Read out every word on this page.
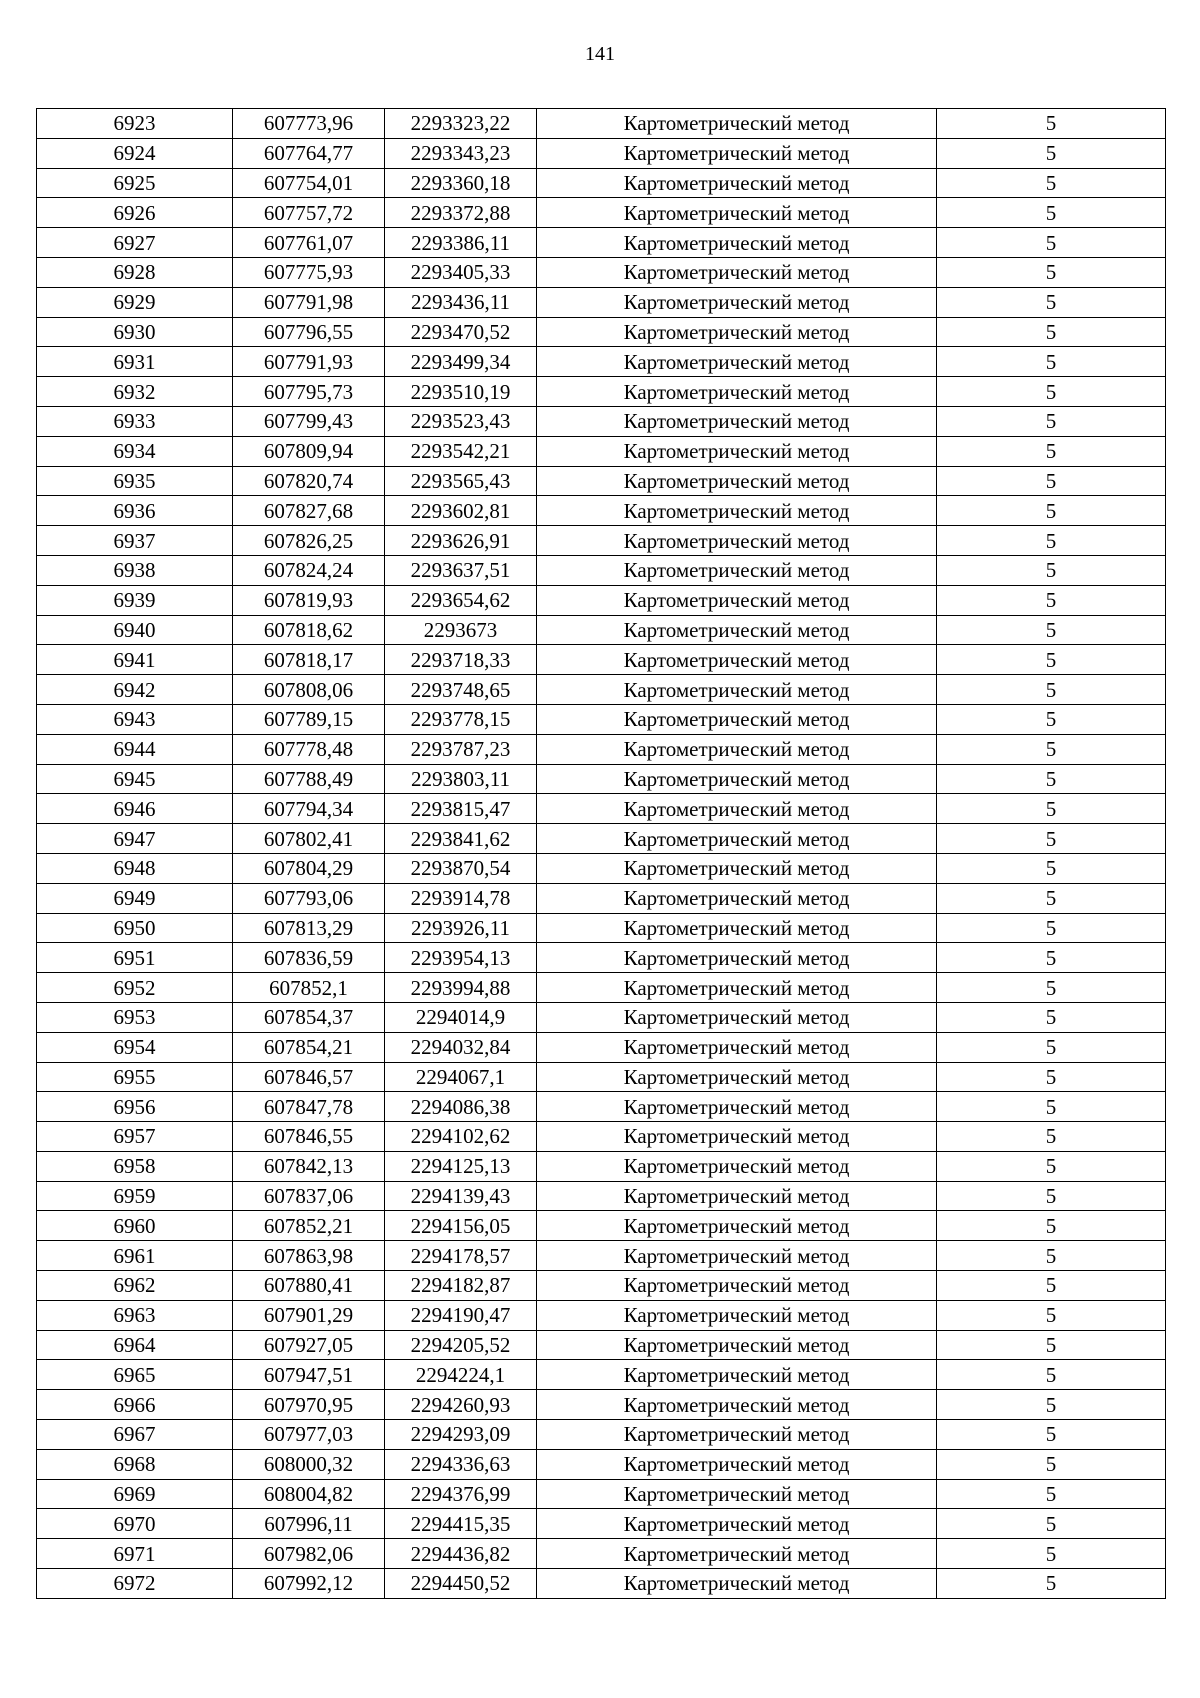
141
6923	607773,96	2293323,22	Картометрический метод	5
6924	607764,77	2293343,23	Картометрический метод	5
6925	607754,01	2293360,18	Картометрический метод	5
6926	607757,72	2293372,88	Картометрический метод	5
6927	607761,07	2293386,11	Картометрический метод	5
6928	607775,93	2293405,33	Картометрический метод	5
6929	607791,98	2293436,11	Картометрический метод	5
6930	607796,55	2293470,52	Картометрический метод	5
6931	607791,93	2293499,34	Картометрический метод	5
6932	607795,73	2293510,19	Картометрический метод	5
6933	607799,43	2293523,43	Картометрический метод	5
6934	607809,94	2293542,21	Картометрический метод	5
6935	607820,74	2293565,43	Картометрический метод	5
6936	607827,68	2293602,81	Картометрический метод	5
6937	607826,25	2293626,91	Картометрический метод	5
6938	607824,24	2293637,51	Картометрический метод	5
6939	607819,93	2293654,62	Картометрический метод	5
6940	607818,62	2293673	Картометрический метод	5
6941	607818,17	2293718,33	Картометрический метод	5
6942	607808,06	2293748,65	Картометрический метод	5
6943	607789,15	2293778,15	Картометрический метод	5
6944	607778,48	2293787,23	Картометрический метод	5
6945	607788,49	2293803,11	Картометрический метод	5
6946	607794,34	2293815,47	Картометрический метод	5
6947	607802,41	2293841,62	Картометрический метод	5
6948	607804,29	2293870,54	Картометрический метод	5
6949	607793,06	2293914,78	Картометрический метод	5
6950	607813,29	2293926,11	Картометрический метод	5
6951	607836,59	2293954,13	Картометрический метод	5
6952	607852,1	2293994,88	Картометрический метод	5
6953	607854,37	2294014,9	Картометрический метод	5
6954	607854,21	2294032,84	Картометрический метод	5
6955	607846,57	2294067,1	Картометрический метод	5
6956	607847,78	2294086,38	Картометрический метод	5
6957	607846,55	2294102,62	Картометрический метод	5
6958	607842,13	2294125,13	Картометрический метод	5
6959	607837,06	2294139,43	Картометрический метод	5
6960	607852,21	2294156,05	Картометрический метод	5
6961	607863,98	2294178,57	Картометрический метод	5
6962	607880,41	2294182,87	Картометрический метод	5
6963	607901,29	2294190,47	Картометрический метод	5
6964	607927,05	2294205,52	Картометрический метод	5
6965	607947,51	2294224,1	Картометрический метод	5
6966	607970,95	2294260,93	Картометрический метод	5
6967	607977,03	2294293,09	Картометрический метод	5
6968	608000,32	2294336,63	Картометрический метод	5
6969	608004,82	2294376,99	Картометрический метод	5
6970	607996,11	2294415,35	Картометрический метод	5
6971	607982,06	2294436,82	Картометрический метод	5
6972	607992,12	2294450,52	Картометрический метод	5
